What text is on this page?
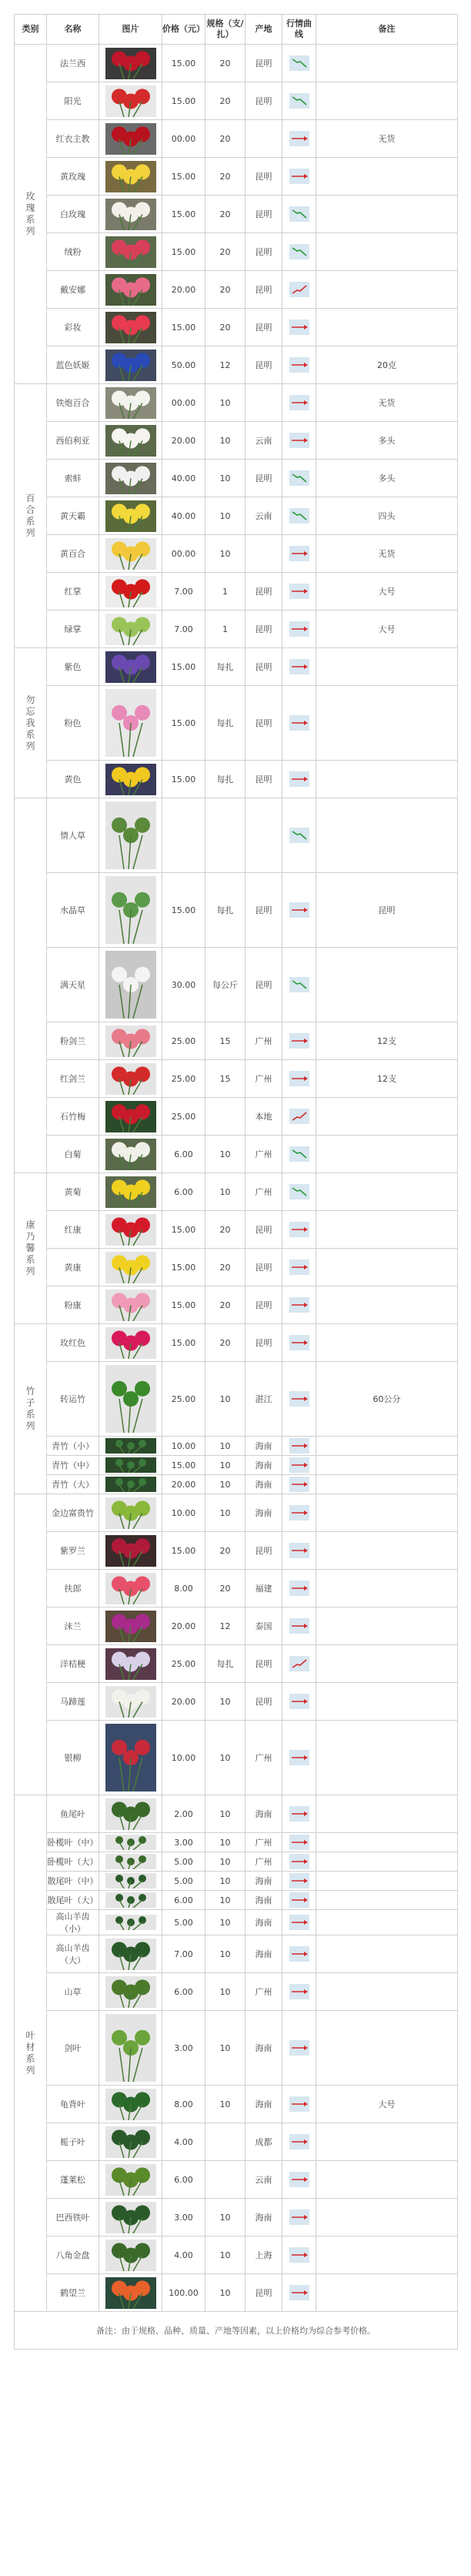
类别	名称	图片	价格（元）	规格（支/扎）	产地	行情曲线	备注
玫瑰系列	法兰西		15.00	20	昆明	

	阳光		15.00	20	昆明	

	红衣主教		00.00	20			无货
	黄玫瑰		15.00	20	昆明	

	白玫瑰		15.00	20	昆明	

	绒粉		15.00	20	昆明	

	戴安娜		20.00	20	昆明	

	彩妆		15.00	20	昆明	

	蓝色妖姬		50.00	12	昆明		20克
百合系列	铁炮百合		00.00	10			无货
	西伯利亚		20.00	10	云南		多头
	索蚌		40.00	10	昆明		多头
	黄天霸		40.00	10	云南		四头
	黄百合		00.00	10			无货
	红掌		7.00	1	昆明		大号
	绿掌		7.00	1	昆明		大号
勿忘我系列	紫色		15.00	每扎	昆明	

	粉色		15.00	每扎	昆明	

	黄色		15.00	每扎	昆明	

	情人草					

	水晶草		15.00	每扎	昆明		昆明
	满天星		30.00	每公斤	昆明	

	粉剑兰		25.00	15	广州		12支
	红剑兰		25.00	15	广州		12支
	石竹梅		25.00		本地	

	白菊		6.00	10	广州	

康乃馨系列	黄菊		6.00	10	广州	

	红康		15.00	20	昆明	

	黄康		15.00	20	昆明	

	粉康		15.00	20	昆明	

竹子系列	玫红色		15.00	20	昆明	

	转运竹		25.00	10	湛江		60公分
	青竹（小）		10.00	10	海南	

	青竹（中）		15.00	10	海南	

	青竹（大）		20.00	10	海南	

	金边富贵竹		10.00	10	海南	

	紫罗兰		15.00	20	昆明	

	扶郎		8.00	20	福建	

	沫兰		20.00	12	泰国	

	洋桔梗		25.00	每扎	昆明	

	马蹄莲		20.00	10	昆明	

	银柳		10.00	10	广州	

叶材系列	鱼尾叶		2.00	10	海南	

	卧榄叶（中）		3.00	10	广州	

	卧榄叶（大）		5.00	10	广州	

	散尾叶（中）		5.00	10	海南	

	散尾叶（大）		6.00	10	海南	

	高山羊齿（小）		5.00	10	海南	

	高山羊齿（大）		7.00	10	海南	

	山草		6.00	10	广州	

	剑叶		3.00	10	海南	

	龟背叶		8.00	10	海南		大号
	栀子叶		4.00		成都	

	蓬莱松		6.00		云南	

	巴西铁叶		3.00	10	海南	

	八角金盘		4.00	10	上海	

	鹤望兰		100.00	10	昆明	

备注：由于规格、品种、质量、产地等因素，以上价格均为综合参考价格。							
